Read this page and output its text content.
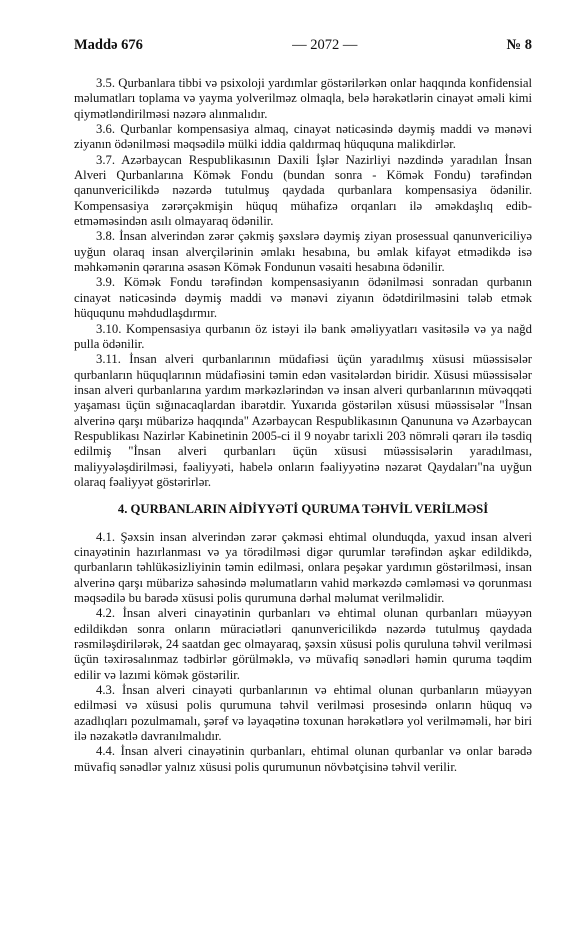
Maddə 676	— 2072 —	№ 8

3.5. Qurbanlara tibbi və psixoloji yardımlar göstərilərkən onlar haqqında konfidensial məlumatları toplama və yayma yolverilməz olmaqla, belə hərəkətlərin cinayət əməli kimi qiymətləndirilməsi nəzərə alınmalıdır.

3.6. Qurbanlar kompensasiya almaq, cinayət nəticəsində dəymiş maddi və mənəvi ziyanın ödənilməsi məqsədilə mülki iddia qaldırmaq hüququna malikdirlər.

3.7. Azərbaycan Respublikasının Daxili İşlər Nazirliyi nəzdində yaradılan İnsan Alveri Qurbanlarına Kömək Fondu (bundan sonra - Kömək Fondu) tərəfindən qanunvericilikdə nəzərdə tutulmuş qaydada qurbanlara kompensasiya ödənilir. Kompensasiya zərərçəkmişin hüquq mühafizə orqanları ilə əməkdaşlıq edib-etməməsindən asılı olmayaraq ödənilir.

3.8. İnsan alverindən zərər çəkmiş şəxslərə dəymiş ziyan prosessual qanunvericiliyə uyğun olaraq insan alverçilərinin əmlakı hesabına, bu əmlak kifayət etmədikdə isə məhkəmənin qərarına əsasən Kömək Fondunun vəsaiti hesabına ödənilir.

3.9. Kömək Fondu tərəfindən kompensasiyanın ödənilməsi sonradan qurbanın cinayət nəticəsində dəymiş maddi və mənəvi ziyanın ödətdirilməsini tələb etmək hüququnu məhdudlaşdırmır.

3.10. Kompensasiya qurbanın öz istəyi ilə bank əməliyyatları vasitəsilə və ya nağd pulla ödənilir.

3.11. İnsan alveri qurbanlarının müdafiəsi üçün yaradılmış xüsusi müəssisələr qurbanların hüquqlarının müdafiəsini təmin edən vasitələrdən biridir. Xüsusi müəssisələr insan alveri qurbanlarına yardım mərkəzlərindən və insan alveri qurbanlarının müvəqqəti yaşaması üçün sığınacaqlardan ibarətdir. Yuxarıda göstərilən xüsusi müəssisələr "İnsan alverinə qarşı mübarizə haqqında" Azərbaycan Respublikasının Qanununa və Azərbaycan Respublikası Nazirlər Kabinetinin 2005-ci il 9 noyabr tarixli 203 nömrəli qərarı ilə təsdiq edilmiş "İnsan alveri qurbanları üçün xüsusi müəssisələrin yaradılması, maliyyələşdirilməsi, fəaliyyəti, habelə onların fəaliyyətinə nəzarət Qaydaları"na uyğun olaraq fəaliyyət göstərirlər.

4. QURBANLARIN AİDİYYƏTİ QURUMA TƏHVİL VERİLMƏSİ

4.1. Şəxsin insan alverindən zərər çəkməsi ehtimal olunduqda, yaxud insan alveri cinayətinin hazırlanması və ya törədilməsi digər qurumlar tərəfindən aşkar edildikdə, qurbanların təhlükəsizliyinin təmin edilməsi, onlara peşəkar yardımın göstərilməsi, insan alverinə qarşı mübarizə sahəsində məlumatların vahid mərkəzdə cəmləməsi və qorunması məqsədilə bu barədə xüsusi polis qurumuna dərhal məlumat verilməlidir.

4.2. İnsan alveri cinayətinin qurbanları və ehtimal olunan qurbanları müəyyən edildikdən sonra onların müraciətləri qanunvericilikdə nəzərdə tutulmuş qaydada rəsmiləşdirilərək, 24 saatdan gec olmayaraq, şəxsin xüsusi polis quruluna təhvil verilməsi üçün təxirəsalınmaz tədbirlər görülməklə, və müvafiq sənədləri həmin quruma təqdim edilir və lazımi kömək göstərilir.

4.3. İnsan alveri cinayəti qurbanlarının və ehtimal olunan qurbanların müəyyən edilməsi və xüsusi polis qurumuna təhvil verilməsi prosesində onların hüquq və azadlıqları pozulmamalı, şərəf və ləyaqətinə toxunan hərəkətlərə yol verilməməli, hər biri ilə nəzakətlə davranılmalıdır.

4.4. İnsan alveri cinayətinin qurbanları, ehtimal olunan qurbanlar və onlar barədə müvafiq sənədlər yalnız xüsusi polis qurumunun növbətçisinə təhvil verilir.
